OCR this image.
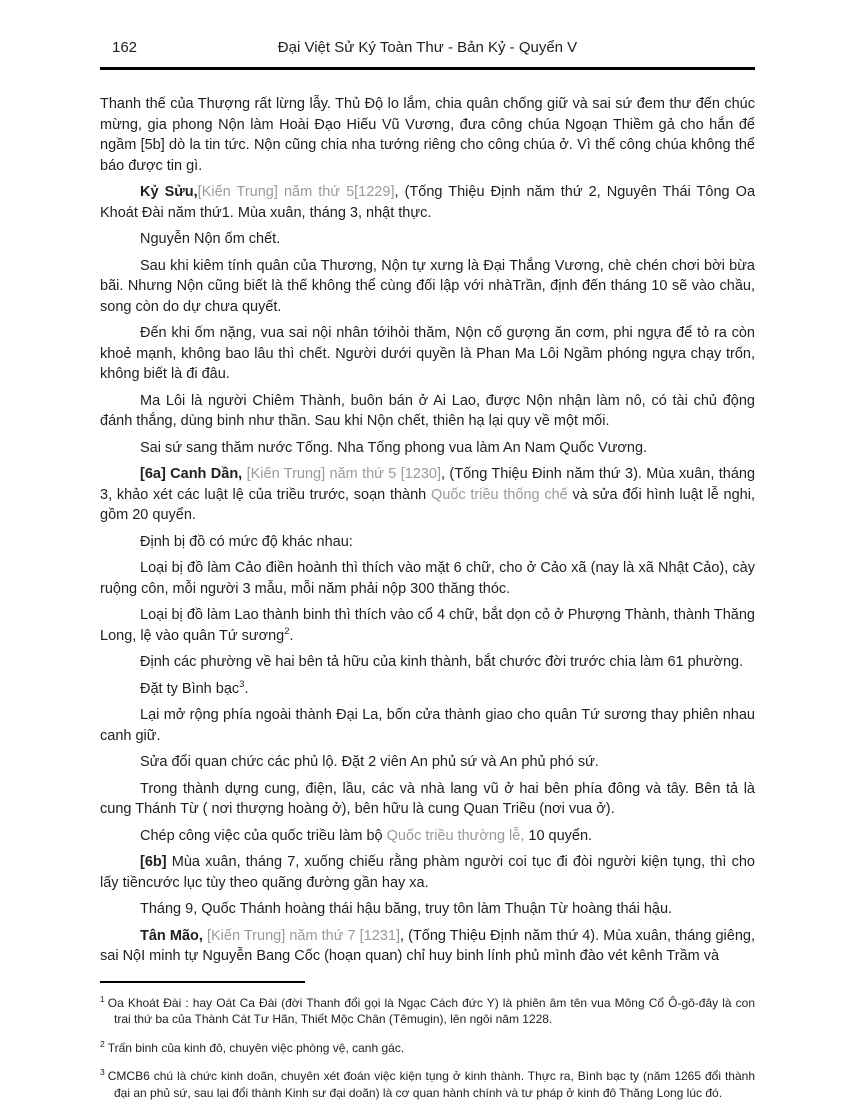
162	Đại Việt Sử Ký Toàn Thư - Bản Kỷ - Quyển V

Thanh thế của Thượng rất lừng lẫy. Thủ Độ lo lắm, chia quân chống giữ và sai sứ đem thư đến chúc mừng, gia phong Nộn làm Hoài Đạo Hiếu Vũ Vương, đưa công chúa Ngoạn Thiềm gả cho hắn để ngầm [5b] dò la tin tức. Nộn cũng chia nha tướng riêng cho công chúa ở. Vì thế công chúa không thể báo được tin gì.

Kỷ Sửu,[Kiến Trung] năm thứ 5[1229], (Tống Thiệu Định năm thứ 2, Nguyên Thái Tông Oa Khoát Đài năm thứ1. Mùa xuân, tháng 3, nhật thực.

Nguyễn Nộn ốm chết.

Sau khi kiêm tính quân của Thương, Nộn tự xưng là Đại Thắng Vương, chè chén chơi bời bừa bãi. Nhưng Nộn cũng biết là thế không thể cùng đối lập với nhàTrần, định đến tháng 10 sẽ vào chầu, song còn do dự chưa quyết.

Đến khi ốm nặng, vua sai nội nhân tớihỏi thăm, Nộn cố gượng ăn cơm, phi ngựa để tỏ ra còn khoẻ mạnh, không bao lâu thì chết. Người dưới quyền là Phan Ma Lôi Ngầm phóng ngựa chạy trốn, không biết là đi đâu.

Ma Lôi là người Chiêm Thành, buôn bán ở Ai Lao, được Nộn nhận làm nô, có tài chủ động đánh thắng, dùng binh như thần. Sau khi Nộn chết, thiên hạ lại quy về một mối.

Sai sứ sang thăm nước Tống. Nha Tống phong vua làm An Nam Quốc Vương.

[6a] Canh Dần, [Kiến Trung] năm thứ 5 [1230], (Tống Thiệu Đinh năm thứ 3). Mùa xuân, tháng 3, khảo xét các luật lệ của triều trước, soạn thành Quốc triều thống chế và sửa đổi hình luật lễ nghi, gồm 20 quyển.

Định bị đồ có mức độ khác nhau:

Loại bị đồ làm Cảo điền hoành thì thích vào mặt 6 chữ, cho ở Cảo xã (nay là xã Nhật Cảo), cày ruộng côn, mỗi người 3 mẫu, mỗi năm phải nộp 300 thăng thóc.

Loại bị đồ làm Lao thành binh thì thích vào cổ 4 chữ, bắt dọn cỏ ở Phượng Thành, thành Thăng Long, lệ vào quân Tứ sương$^2$.

Định các phường về hai bên tả hữu của kinh thành, bắt chước đời trước chia làm 61 phường.

Đặt ty Bình bạc$^3$.

Lại mở rộng phía ngoài thành Đại La, bốn cửa thành giao cho quân Tứ sương thay phiên nhau canh giữ.

Sửa đổi quan chức các phủ lộ. Đặt 2 viên An phủ sứ và An phủ phó sứ.

Trong thành dựng cung, điện, lầu, các và nhà lang vũ ở hai bên phía đông và tây. Bên tả là cung Thánh Từ ( nơi thượng hoàng ở), bên hữu là cung Quan Triều (nơi vua ở).

Chép công việc của quốc triều làm bộ Quốc triều thường lễ, 10 quyển.

[6b] Mùa xuân, tháng 7, xuống chiếu rằng phàm người coi tục đi đòi người kiện tụng, thì cho lấy tiềncước lục tùy theo quãng đường gần hay xa.

Tháng 9, Quốc Thánh hoàng thái hậu băng, truy tôn làm Thuận Từ hoàng thái hậu.

Tân Mão, [Kiến Trung] năm thứ 7 [1231], (Tống Thiệu Định năm thứ 4). Mùa xuân, tháng giêng, sai NộI minh tự Nguyễn Bang Cốc (hoạn quan) chỉ huy binh lính phủ mình đào vét kênh Trầm và

$^1$ Oa Khoát Đài : hay Oát Ca Đài (đời Thanh đổi gọi là Ngạc Cách đức Y) là phiên âm tên vua Mông Cổ Ô-gô-đây là con trai thứ ba của Thành Cát Tư Hãn, Thiết Mộc Chân (Têmugin), lên ngôi năm 1228.
$^2$ Trấn binh của kinh đô, chuyên việc phòng vệ, canh gác.
$^3$ CMCB6 chú là chức kinh doãn, chuyên xét đoán việc kiện tụng ở kinh thành. Thực ra, Bình bạc ty (năm 1265 đổi thành đại an phủ sứ, sau lại đổi thành Kinh sư đại doãn) là cơ quan hành chính và tư pháp ở kinh đô Thăng Long lúc đó.
